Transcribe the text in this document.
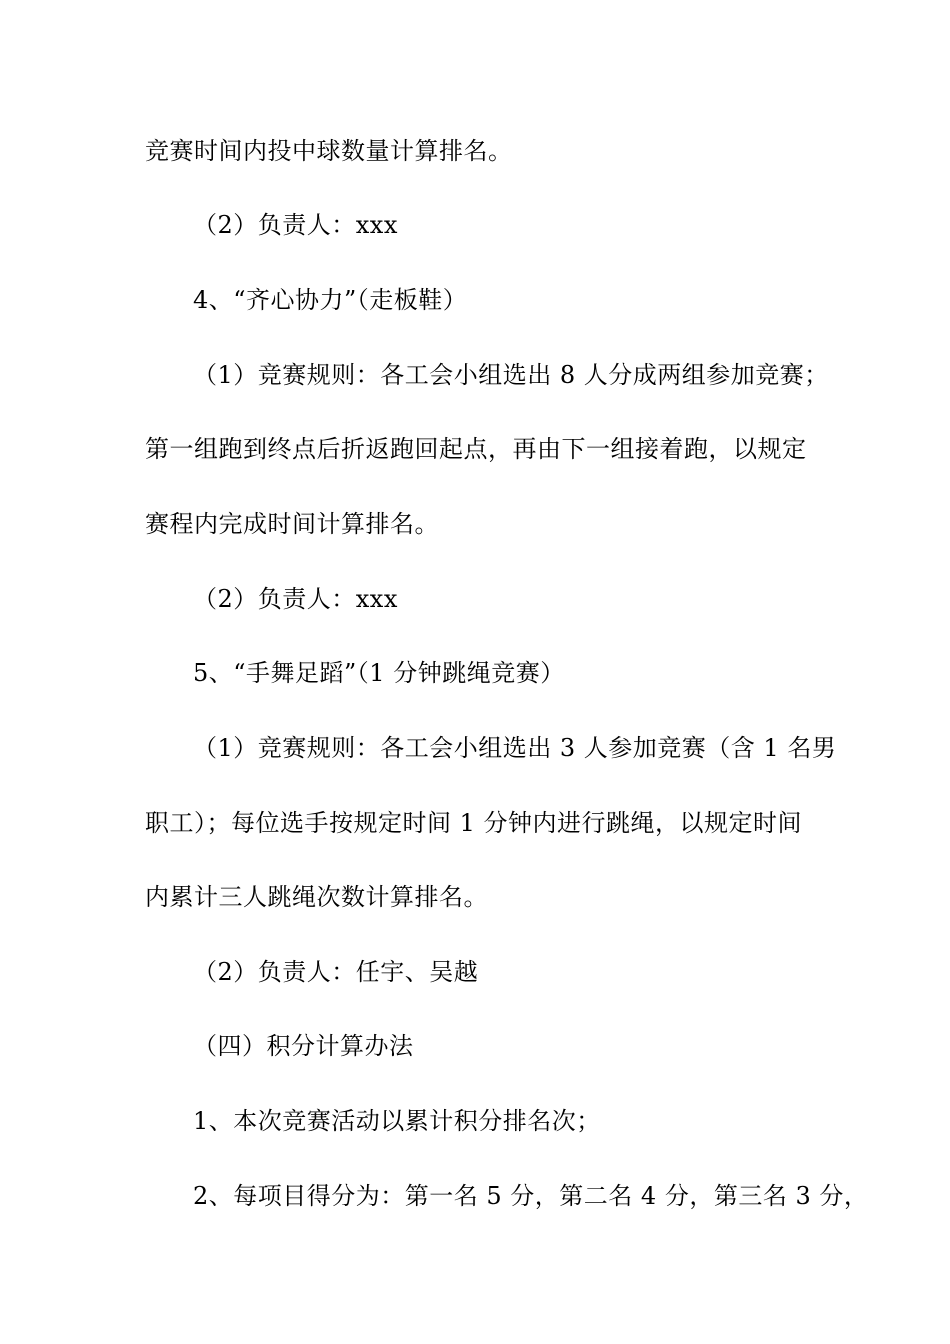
竞赛时间内投中球数量计算排名。
（2）负责人：xxx
4、“齐心协力”（走板鞋）
（1）竞赛规则：各工会小组选出 8 人分成两组参加竞赛；
第一组跑到终点后折返跑回起点，再由下一组接着跑，以规定
赛程内完成时间计算排名。
（2）负责人：xxx
5、“手舞足蹈”（1 分钟跳绳竞赛）
（1）竞赛规则：各工会小组选出 3 人参加竞赛（含 1 名男
职工）；每位选手按规定时间 1 分钟内进行跳绳，以规定时间
内累计三人跳绳次数计算排名。
（2）负责人：任宇、吴越
（四）积分计算办法
1、本次竞赛活动以累计积分排名次；
2、每项目得分为：第一名 5 分，第二名 4 分，第三名 3 分，
